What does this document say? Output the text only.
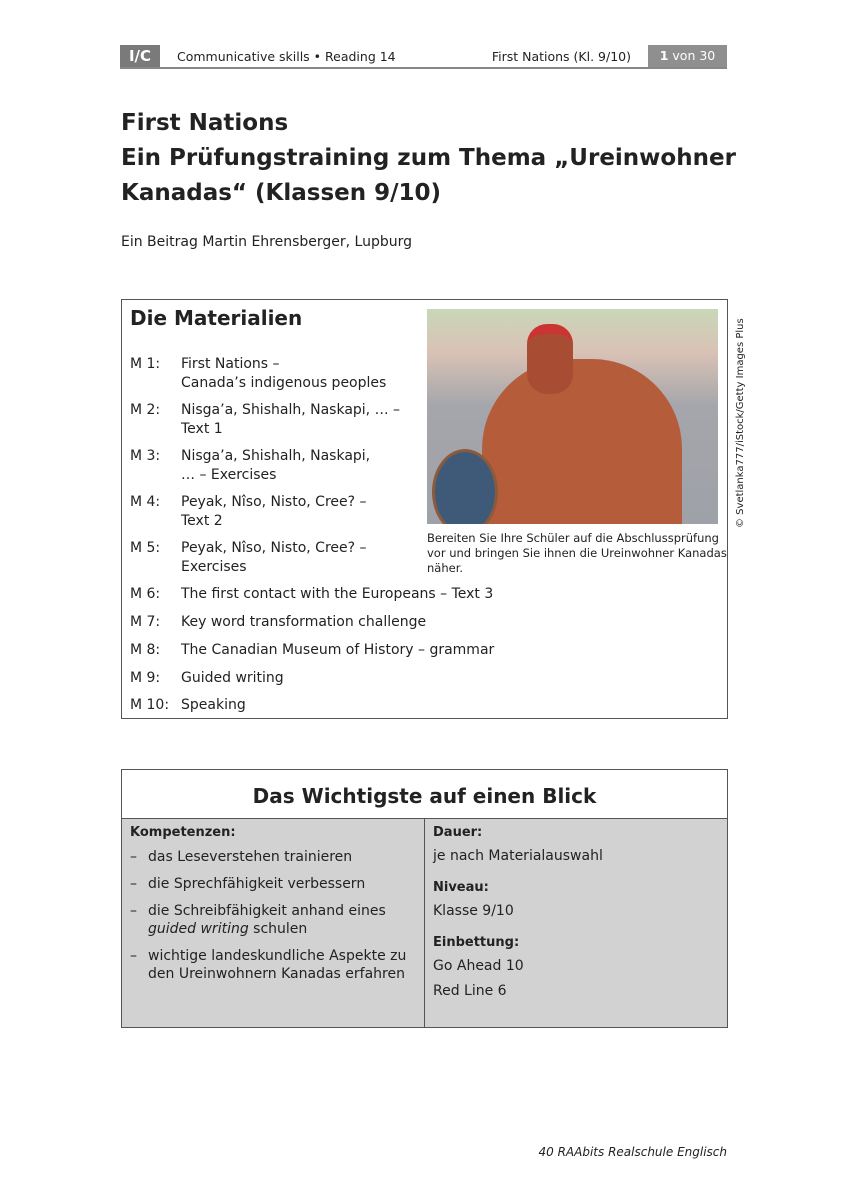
I/C	Communicative skills • Reading 14	First Nations (Kl. 9/10)	1 von 30
First Nations
Ein Prüfungstraining zum Thema „Ureinwohner
Kanadas“ (Klassen 9/10)
Ein Beitrag Martin Ehrensberger, Lupburg
Die Materialien
M 1:	First Nations –
Canada’s indigenous peoples
M 2:	Nisga’a, Shishalh, Naskapi, … –
Text 1
M 3:	Nisga’a, Shishalh, Naskapi,
… – Exercises
M 4:	Peyak, Nîso, Nisto, Cree? –
Text 2
M 5:	Peyak, Nîso, Nisto, Cree? –
Exercises
M 6:	The first contact with the Europeans – Text 3
M 7:	Key word transformation challenge
M 8:	The Canadian Museum of History – grammar
M 9:	Guided writing
M 10: Speaking
Bereiten Sie Ihre Schüler auf die Abschlussprüfung vor und bringen Sie ihnen die Ureinwohner Kanadas näher.
© Svetlanka777/iStock/Getty Images Plus
Das Wichtigste auf einen Blick
Kompetenzen:
– das Leseverstehen trainieren
– die Sprechfähigkeit verbessern
– die Schreibfähigkeit anhand eines
guided writing schulen
– wichtige landeskundliche Aspekte zu den Ureinwohnern Kanadas erfahren
Dauer:
je nach Materialauswahl
Niveau:
Klasse 9/10
Einbettung:
Go Ahead 10
Red Line 6
40 RAAbits Realschule Englisch
